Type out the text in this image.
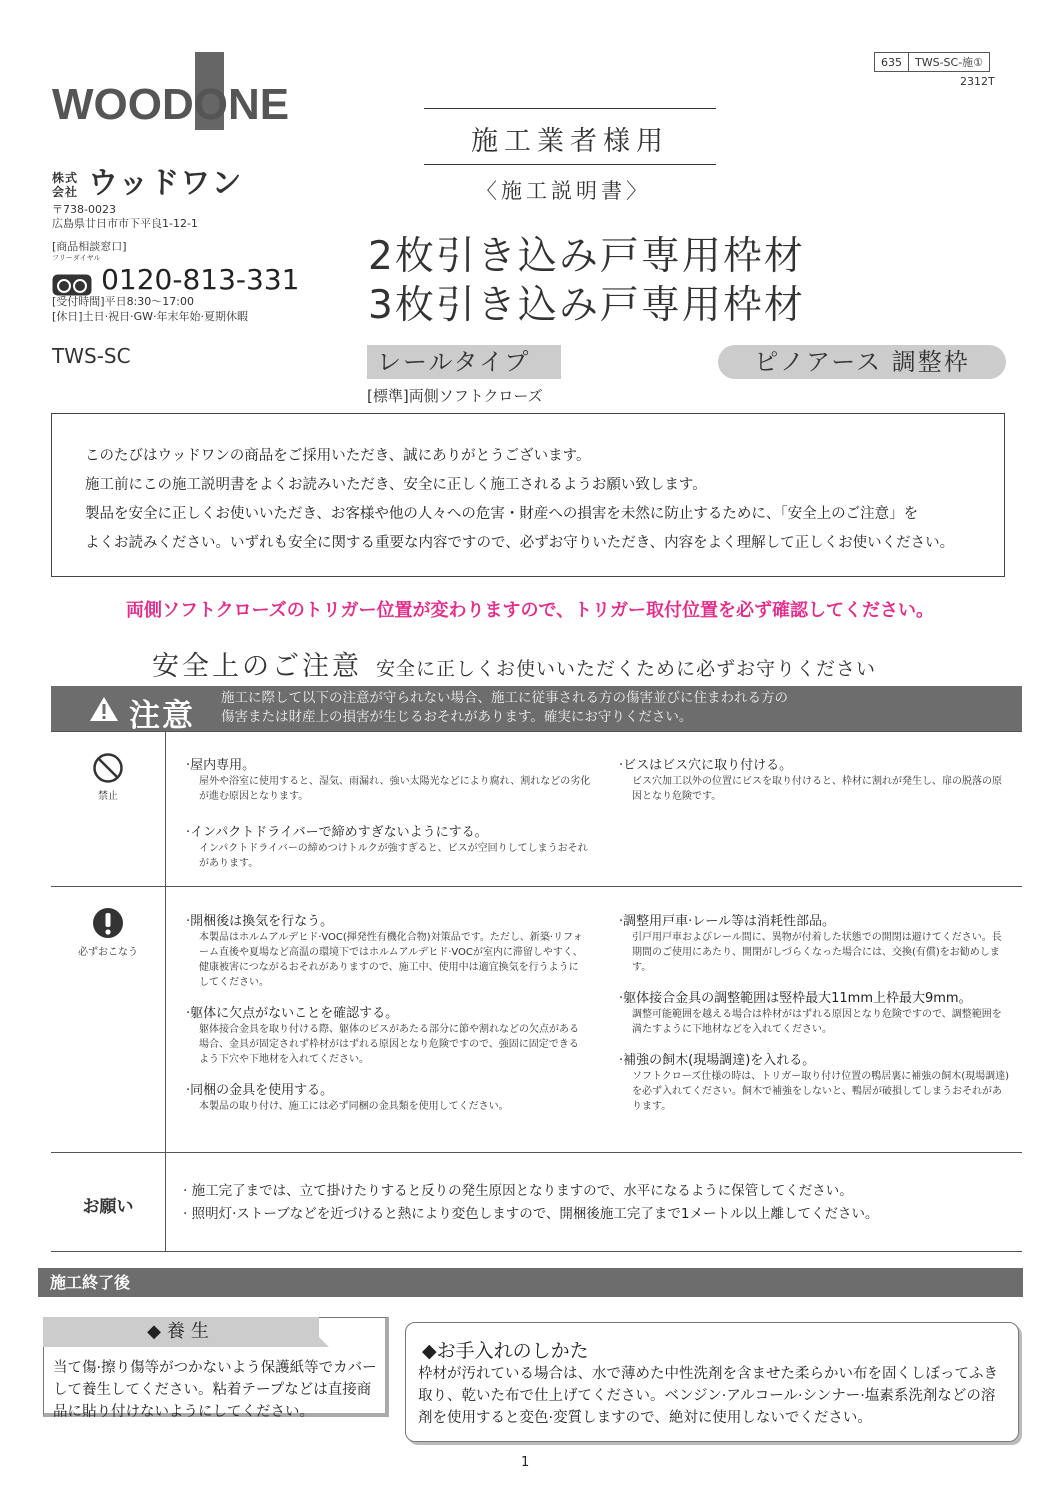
WOODONE
株式会社 ウッドワン
〒738-0023
広島県廿日市市下平良1-12-1
[商品相談窓口]
フリーダイヤル
0120-813-331
[受付時間]平日8:30〜17:00
[休日]土日·祝日·GW·年末年始·夏期休暇
TWS-SC
635	TWS-SC-施①
2312T
施工業者様用
〈施工説明書〉
2枚引き込み戸専用枠材
3枚引き込み戸専用枠材
レールタイプ	ピノアース 調整枠
[標準]両側ソフトクローズ
このたびはウッドワンの商品をご採用いただき、誠にありがとうございます。
施工前にこの施工説明書をよくお読みいただき、安全に正しく施工されるようお願い致します。
製品を安全に正しくお使いいただき、お客様や他の人々への危害・財産への損害を未然に防止するために、「安全上のご注意」を
よくお読みください。いずれも安全に関する重要な内容ですので、必ずお守りいただき、内容をよく理解して正しくお使いください。
両側ソフトクローズのトリガー位置が変わりますので、トリガー取付位置を必ず確認してください。
安全上のご注意 安全に正しくお使いいただくために必ずお守りください
注意 施工に際して以下の注意が守られない場合、施工に従事される方の傷害並びに住まわれる方の
傷害または財産上の損害が生じるおそれがあります。確実にお守りください。
禁止
·屋内専用。
屋外や浴室に使用すると、湿気、雨漏れ、強い太陽光などにより腐れ、割れなどの劣化が進む原因となります。
·インパクトドライバーで締めすぎないようにする。
インパクトドライバーの締めつけトルクが強すぎると、ビスが空回りしてしまうおそれがあります。
·ビスはビス穴に取り付ける。
ビス穴加工以外の位置にビスを取り付けると、枠材に割れが発生し、扉の脱落の原因となり危険です。
必ずおこなう
·開梱後は換気を行なう。
本製品はホルムアルデヒド·VOC(揮発性有機化合物)対策品です。ただし、新築·リフォーム直後や夏場など高温の環境下ではホルムアルデヒド·VOCが室内に滞留しやすく、健康被害につながるおそれがありますので、施工中、使用中は適宜換気を行うようにしてください。
·躯体に欠点がないことを確認する。
躯体接合金具を取り付ける際、躯体のビスがあたる部分に節や割れなどの欠点がある場合、金具が固定されず枠材がはずれる原因となり危険ですので、強固に固定できるよう下穴や下地材を入れてください。
·同梱の金具を使用する。
本製品の取り付け、施工には必ず同梱の金具類を使用してください。
·調整用戸車·レール等は消耗性部品。
引戸用戸車およびレール間に、異物が付着した状態での開閉は避けてください。長期間のご使用にあたり、開閉がしづらくなった場合には、交換(有償)をお勧めします。
·躯体接合金具の調整範囲は竪枠最大11mm上枠最大9mm。
調整可能範囲を越える場合は枠材がはずれる原因となり危険ですので、調整範囲を満たすように下地材などを入れてください。
·補強の飼木(現場調達)を入れる。
ソフトクローズ仕様の時は、トリガー取り付け位置の鴨居裏に補強の飼木(現場調達)を必ず入れてください。飼木で補強をしないと、鴨居が破損してしまうおそれがあります。
お願い
· 施工完了までは、立て掛けたりすると反りの発生原因となりますので、水平になるように保管してください。
· 照明灯·ストーブなどを近づけると熱により変色しますので、開梱後施工完了まで1メートル以上離してください。
施工終了後
◆養生
当て傷·擦り傷等がつかないよう保護紙等でカバーして養生してください。粘着テープなどは直接商品に貼り付けないようにしてください。
◆お手入れのしかた
枠材が汚れている場合は、水で薄めた中性洗剤を含ませた柔らかい布を固くしぼってふき取り、乾いた布で仕上げてください。ベンジン·アルコール·シンナー·塩素系洗剤などの溶剤を使用すると変色·変質しますので、絶対に使用しないでください。
1
